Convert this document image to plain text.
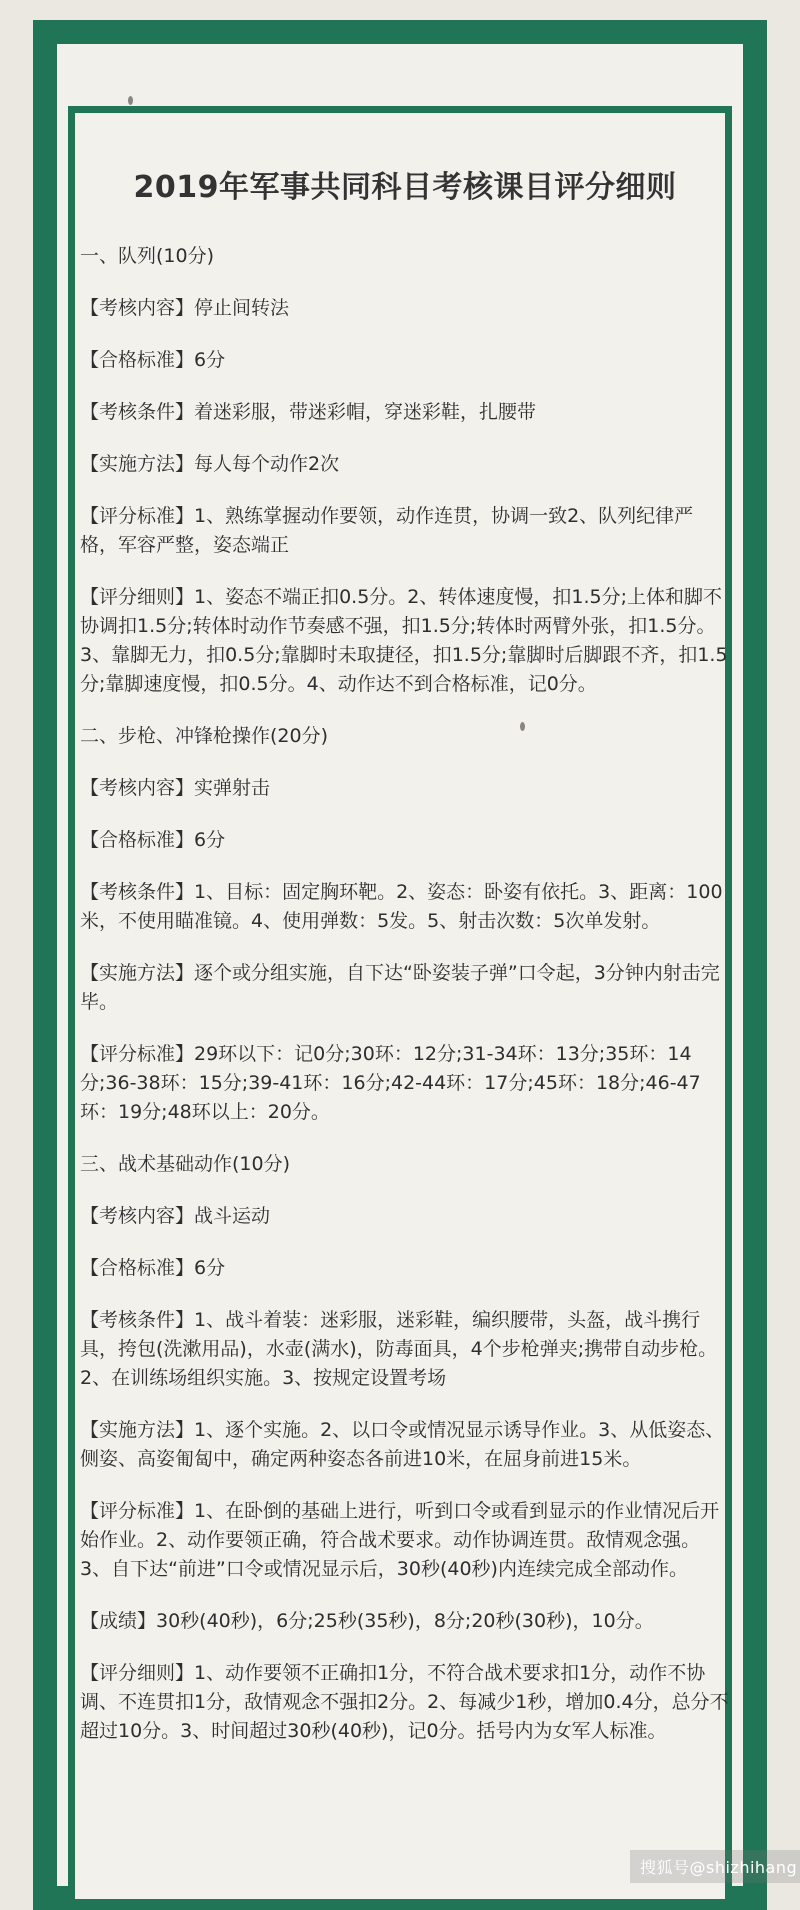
2019年军事共同科目考核课目评分细则
一、队列(10分)
【考核内容】停止间转法
【合格标准】6分
【考核条件】着迷彩服，带迷彩帽，穿迷彩鞋，扎腰带
【实施方法】每人每个动作2次
【评分标准】1、熟练掌握动作要领，动作连贯，协调一致2、队列纪律严格，军容严整，姿态端正
【评分细则】1、姿态不端正扣0.5分。2、转体速度慢，扣1.5分;上体和脚不协调扣1.5分;转体时动作节奏感不强，扣1.5分;转体时两臂外张，扣1.5分。3、靠脚无力，扣0.5分;靠脚时未取捷径，扣1.5分;靠脚时后脚跟不齐，扣1.5分;靠脚速度慢，扣0.5分。4、动作达不到合格标准，记0分。
二、步枪、冲锋枪操作(20分)
【考核内容】实弹射击
【合格标准】6分
【考核条件】1、目标：固定胸环靶。2、姿态：卧姿有依托。3、距离：100米，不使用瞄准镜。4、使用弹数：5发。5、射击次数：5次单发射。
【实施方法】逐个或分组实施，自下达“卧姿装子弹”口令起，3分钟内射击完毕。
【评分标准】29环以下：记0分;30环：12分;31-34环：13分;35环：14分;36-38环：15分;39-41环：16分;42-44环：17分;45环：18分;46-47环：19分;48环以上：20分。
三、战术基础动作(10分)
【考核内容】战斗运动
【合格标准】6分
【考核条件】1、战斗着装：迷彩服，迷彩鞋，编织腰带，头盔，战斗携行具，挎包(洗漱用品)，水壶(满水)，防毒面具，4个步枪弹夹;携带自动步枪。2、在训练场组织实施。3、按规定设置考场
【实施方法】1、逐个实施。2、以口令或情况显示诱导作业。3、从低姿态、侧姿、高姿匍匐中，确定两种姿态各前进10米，在屈身前进15米。
【评分标准】1、在卧倒的基础上进行，听到口令或看到显示的作业情况后开始作业。2、动作要领正确，符合战术要求。动作协调连贯。敌情观念强。3、自下达“前进”口令或情况显示后，30秒(40秒)内连续完成全部动作。
【成绩】30秒(40秒)，6分;25秒(35秒)，8分;20秒(30秒)，10分。
【评分细则】1、动作要领不正确扣1分，不符合战术要求扣1分，动作不协调、不连贯扣1分，敌情观念不强扣2分。2、每减少1秒，增加0.4分，总分不超过10分。3、时间超过30秒(40秒)，记0分。括号内为女军人标准。
搜狐号@shizhihang
